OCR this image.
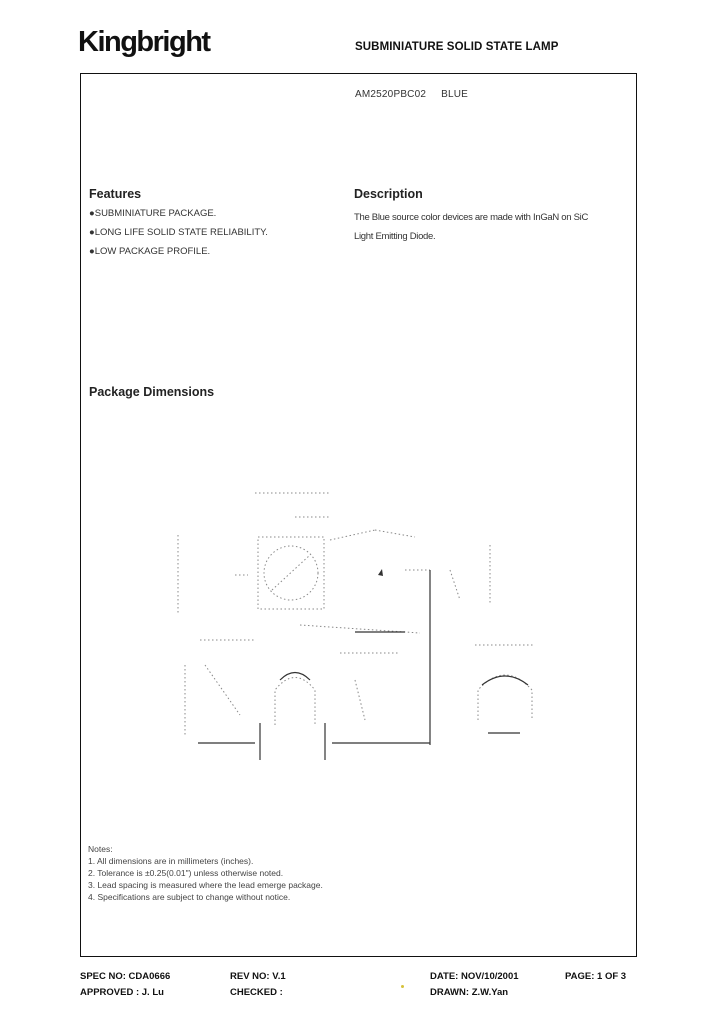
Kingbright	SUBMINIATURE SOLID STATE LAMP
AM2520PBC02 BLUE
Features
●SUBMINIATURE PACKAGE.
●LONG LIFE SOLID STATE RELIABILITY.
●LOW PACKAGE PROFILE.
Description
The Blue source color devices are made with InGaN on SiC
Light Emitting Diode.
Package Dimensions
Notes:
1. All dimensions are in millimeters (inches).
2. Tolerance is ±0.25(0.01") unless otherwise noted.
3. Lead spacing is measured where the lead emerge package.
4. Specifications are subject to change without notice.
SPEC NO: CDA0666	REV NO: V.1	DATE: NOV/10/2001	PAGE: 1 OF 3
APPROVED : J. Lu	CHECKED :	DRAWN: Z.W.Yan
